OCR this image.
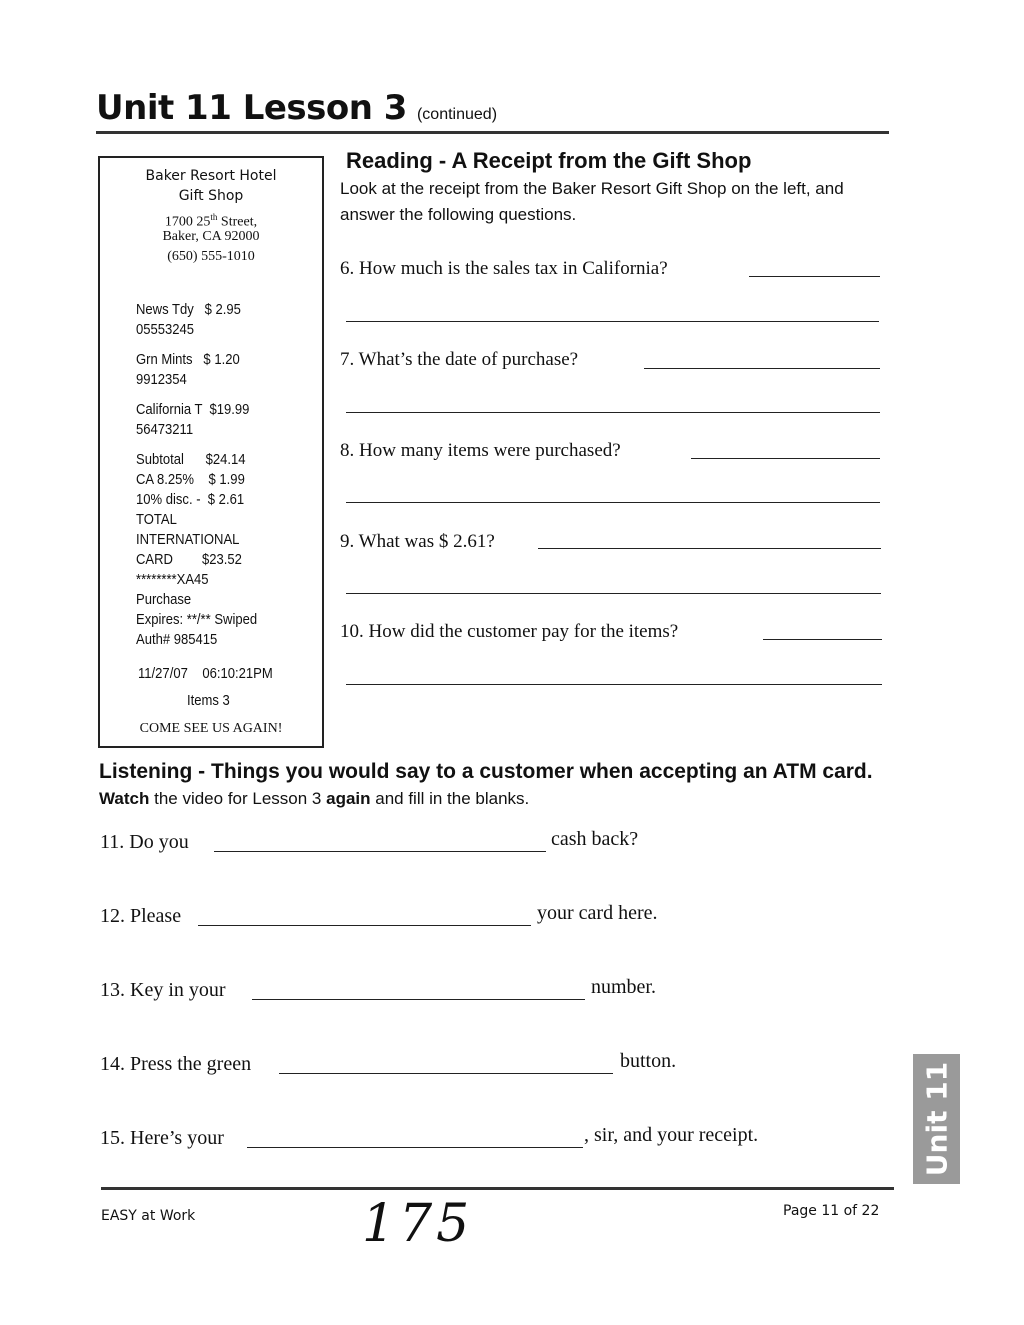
Unit 11 Lesson 3 (continued)
Baker Resort Hotel
Gift Shop
1700 25th Street,
Baker, CA 92000
(650) 555-1010
News Tdy   $ 2.95
05553245
Grn Mints   $ 1.20
9912354
California T  $19.99
56473211
Subtotal      $24.14
CA 8.25%    $ 1.99
10% disc. -  $ 2.61
TOTAL
INTERNATIONAL
CARD        $23.52
********XA45
Purchase
Expires: **/** Swiped
Auth# 985415
11/27/07    06:10:21PM
Items 3
COME SEE US AGAIN!
Reading - A Receipt from the Gift Shop
Look at the receipt from the Baker Resort Gift Shop on the left, and answer the following questions.
6. How much is the sales tax in California?
7. What’s the date of purchase?
8. How many items were purchased?
9. What was $ 2.61?
10. How did the customer pay for the items?
Listening - Things you would say to a customer when accepting an ATM card.
Watch the video for Lesson 3 again and fill in the blanks.
11. Do you	cash back?
12. Please	your card here.
13. Key in your	number.
14. Press the green	button.
15. Here’s your	, sir, and your receipt.	Unit 11
EASY at Work	175	Page 11 of 22
